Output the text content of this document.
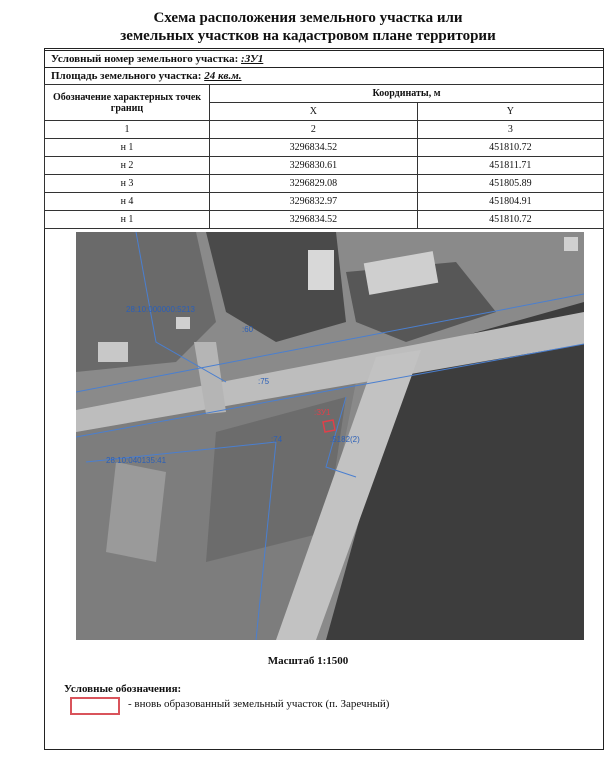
Схема расположения земельного участка или
земельных участков на кадастровом плане территории
Условный номер земельного участка: :ЗУ1
Площадь земельного участка: 24 кв.м.
Обозначение характерных точек границ	Координаты, м	
	X	Y
1	2	3
н 1	3296834.52	451810.72
н 2	3296830.61	451811.71
н 3	3296829.08	451805.89
н 4	3296832.97	451804.91
н 1	3296834.52	451810.72
28:10:000000:5213
:60
:75
:74
28:10:040135:41
:5182(2)
:ЗУ1
Масштаб 1:1500
Условные обозначения:
- вновь образованный земельный участок (п. Заречный)
